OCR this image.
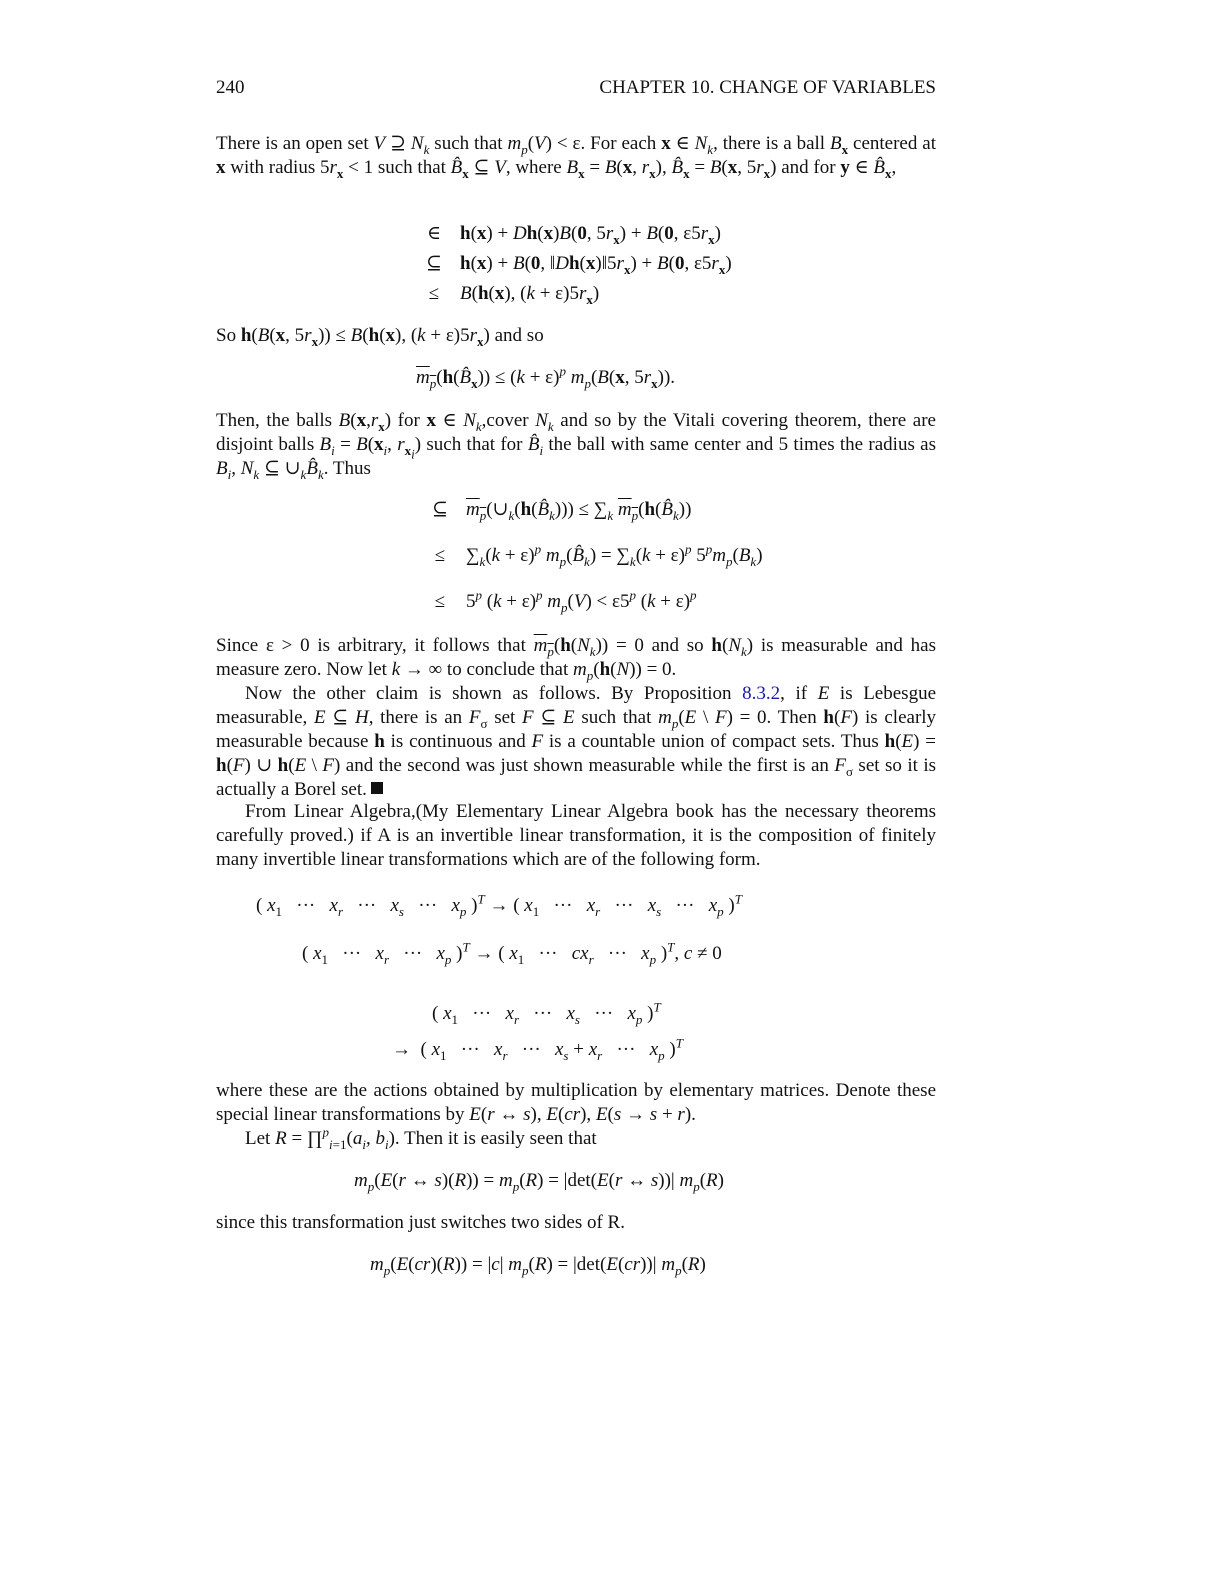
240	CHAPTER 10. CHANGE OF VARIABLES
There is an open set V ⊇ $N_k$ such that $m_p(V) < \varepsilon$. For each x ∈ $N_k$, there is a ball $B_x$ centered at x with radius $5r_x < 1$ such that $B̂_x$ ⊆ V, where $B_x = B(x$, $r_x$), $B̂_x = B(x$, $5r_x$) and for y ∈ $B̂_x$,
∈ h(x) + Dh(x)B(0, $5r_x) + B(0$, $\varepsilon 5r_x$)
⊆ h(x) + B(0, $‖Dh(x)‖5r_x) + B(0$, $\varepsilon 5r_x$)
≤	B(h(x), $(k + \varepsilon)5r_x$)
So h(B(x, $5r_x)) \le B(h(x)$, $(k + \varepsilon)5r_x$) and so
$m_p(h(B̂_x)) \le (k + \varepsilon)^p$ $m_p(B(x$, $5r_x$)).
Then, the balls $B(x,r_x)$ for x ∈ $N_k,cover$ $N_k$ and so by the Vitali covering theorem, there are disjoint balls $B_i = B(x_i$, $r_{x_i}$) such that for $B̂_i$ the ball with same center and 5 times the radius as $B_i$, $N_k$ ⊆ $\cup_kB̂_k$. Thus
⊆ $m_p(\cup_k(h(B̂_k))) \le \sum_k$ $m_p(h(B̂_k))$
≤	$\sum_k(k + \varepsilon)^p$ $m_p(B̂_k) = \sum_k(k + \varepsilon)^p$ $5^pm_p(B_k)$
≤	$5^p$ $(k + \varepsilon)^p$ $m_p(V) < \varepsilon 5^p$ $(k + \varepsilon)^p$
Since ε > 0 is arbitrary, it follows that $m_p(h(N_k)) = 0$ and so $h(N_k)$ is measurable and has measure zero. Now let k → ∞ to conclude that $m_p(h(N)) = 0$.
Now the other claim is shown as follows. By Proposition 8.3.2, if E is Lebesgue measurable, E ⊆ H, there is an $F_\sigma$ set F ⊆ E such that $m_p(E$ \ F) = 0. Then h(F) is clearly measurable because h is continuous and F is a countable union of compact sets. Thus h(E) = h(F) ∪ h(E \ F) and the second was just shown measurable while the first is an $F_\sigma$ set so it is actually a Borel set.
From Linear Algebra,(My Elementary Linear Algebra book has the necessary theorems carefully proved.) if A is an invertible linear transformation, it is the composition of finitely many invertible linear transformations which are of the following form.
( $x_1$   ···   $x_r$   ···   $x_s$   ···   $x_p$ )$^T$ → ( $x_1$   ···   $x_r$   ···   $x_s$   ···   $x_p$ )$^T$
( $x_1$   ···   $x_r$   ···   $x_p$ )$^T$ → ( $x_1$   ···   $cx_r$   ···   $x_p$ )$^T$, c ≠ 0
( $x_1$   ···   $x_r$   ···   $x_s$   ···   $x_p$ )$^T$
→  ( $x_1$   ···   $x_r$   ···   $x_s + x_r$   ···   $x_p$ )$^T$
where these are the actions obtained by multiplication by elementary matrices. Denote these special linear transformations by E(r ↔ s), E(cr), E(s → s + r).
Let $R = \prod^p_{i=1}(a_i$, $b_i$). Then it is easily seen that
$m_p(E(r$ ↔ $s)(R)) = m_p(R) = |\det(E(r$ ↔ s))| $m_p(R)$
since this transformation just switches two sides of R.
$m_p(E(cr)(R)) = |c|$ $m_p(R) = |\det(E(cr))|$ $m_p(R)$
